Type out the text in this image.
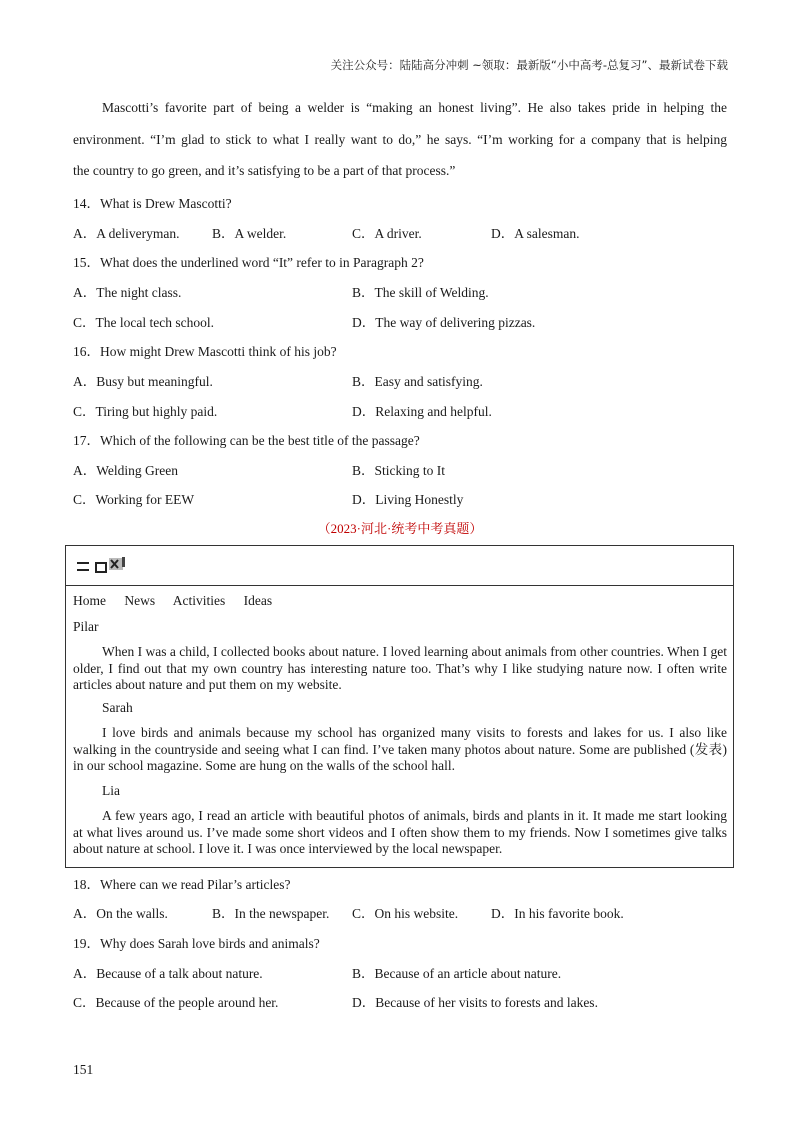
关注公众号：陆陆高分冲刺 ~领取：最新版“小中高考-总复习”、最新试卷下载
Mascotti’s favorite part of being a welder is “making an honest living”. He also takes pride in helping the
environment. “I’m glad to stick to what I really want to do,” he says. “I’m working for a company that is helping
the country to go green, and it’s satisfying to be a part of that process.”
14．What is Drew Mascotti?
A．A deliveryman. B．A welder.	C．A driver.	D．A salesman.
15．What does the underlined word “It” refer to in Paragraph 2?
A．The night class.	B．The skill of Welding.
C．The local tech school.	D．The way of delivering pizzas.
16．How might Drew Mascotti think of his job?
A．Busy but meaningful.	B．Easy and satisfying.
C．Tiring but highly paid.	D．Relaxing and helpful.
17．Which of the following can be the best title of the passage?
A．Welding Green	B．Sticking to It
C．Working for EEW	D．Living Honestly
（2023·河北·统考中考真题）
Home News Activities Ideas
Pilar
When I was a child, I collected books about nature. I loved learning about animals from other countries. When I get older, I find out that my own country has interesting nature too. That’s why I like studying nature now. I often write articles about nature and put them on my website.
Sarah
I love birds and animals because my school has organized many visits to forests and lakes for us. I also like walking in the countryside and seeing what I can find. I’ve taken many photos about nature. Some are published (发表) in our school magazine. Some are hung on the walls of the school hall.
Lia
A few years ago, I read an article with beautiful photos of animals, birds and plants in it. It made me start looking at what lives around us. I’ve made some short videos and I often show them to my friends. Now I sometimes give talks about nature at school. I love it. I was once interviewed by the local newspaper.
18．Where can we read Pilar’s articles?
A．On the walls.	B．In the newspaper. C．On his website. D．In his favorite book.
19．Why does Sarah love birds and animals?
A．Because of a talk about nature.	B．Because of an article about nature.
C．Because of the people around her.	D．Because of her visits to forests and lakes.
151
